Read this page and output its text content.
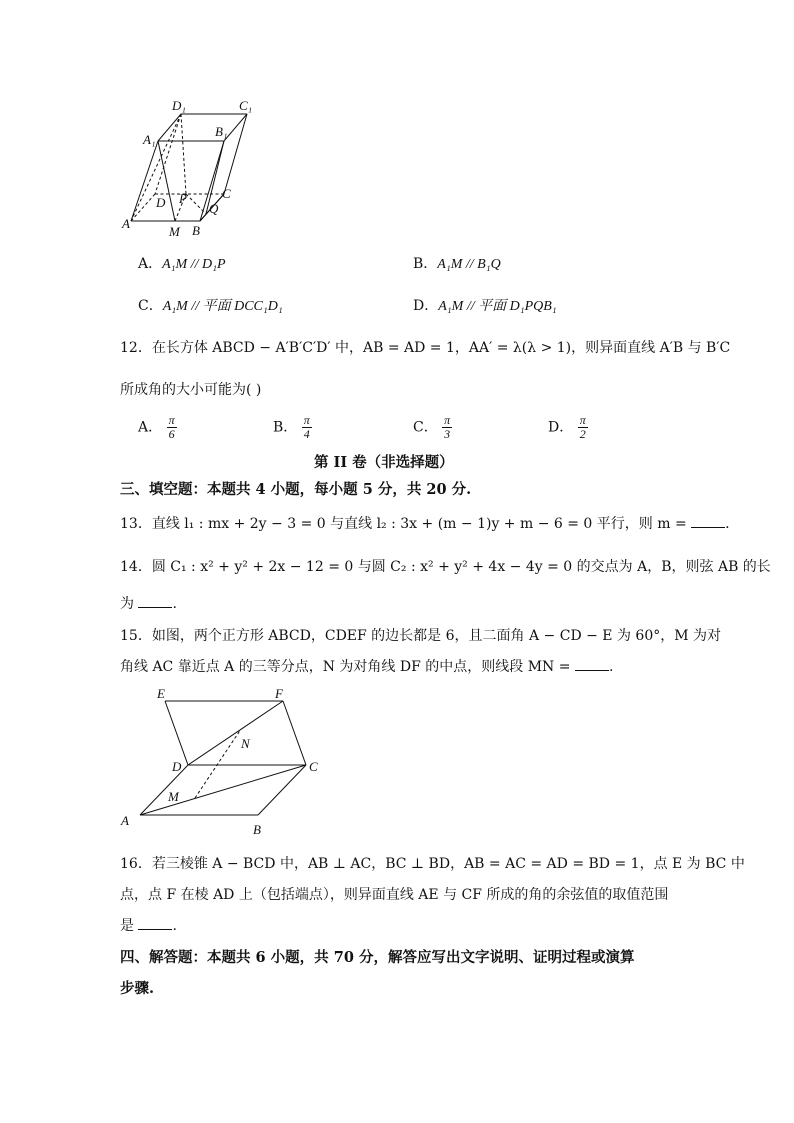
D₁	C₁
A₁
B₁
D P	C
A
M B
Q
A．A₁M // D₁P	B．A₁M // B₁Q
C．A₁M // 平面 DCC₁D₁	D．A₁M // 平面 D₁PQB₁
12．在长方体 ABCD − A′B′C′D′ 中，AB = AD = 1，AA′ = λ(λ > 1)，则异面直线 A′B 与 B′C
所成角的大小可能为( )
A． $\frac{\pi}{6}$	B． $\frac{\pi}{4}$	C． $\frac{\pi}{3}$	D． $\frac{\pi}{2}$
第 II 卷（非选择题）
三、填空题：本题共 4 小题，每小题 5 分，共 20 分.
13．直线 l₁ : mx + 2y − 3 = 0 与直线 l₂ : 3x + (m − 1)y + m − 6 = 0 平行，则 m =	.
14．圆 C₁ : x² + y² + 2x − 12 = 0 与圆 C₂ : x² + y² + 4x − 4y = 0 的交点为 A，B，则弦 AB 的长
为	.
15．如图，两个正方形 ABCD，CDEF 的边长都是 6，且二面角 A − CD − E 为 60°，M 为对
角线 AC 靠近点 A 的三等分点，N 为对角线 DF 的中点，则线段 MN =	.
E	F
N
D	C
M
A
B
16．若三棱锥 A − BCD 中，AB ⊥ AC，BC ⊥ BD，AB = AC = AD = BD = 1，点 E 为 BC 中
点，点 F 在棱 AD 上（包括端点），则异面直线 AE 与 CF 所成的角的余弦值的取值范围
是	.
四、解答题：本题共 6 小题，共 70 分，解答应写出文字说明、证明过程或演算
步骤.
